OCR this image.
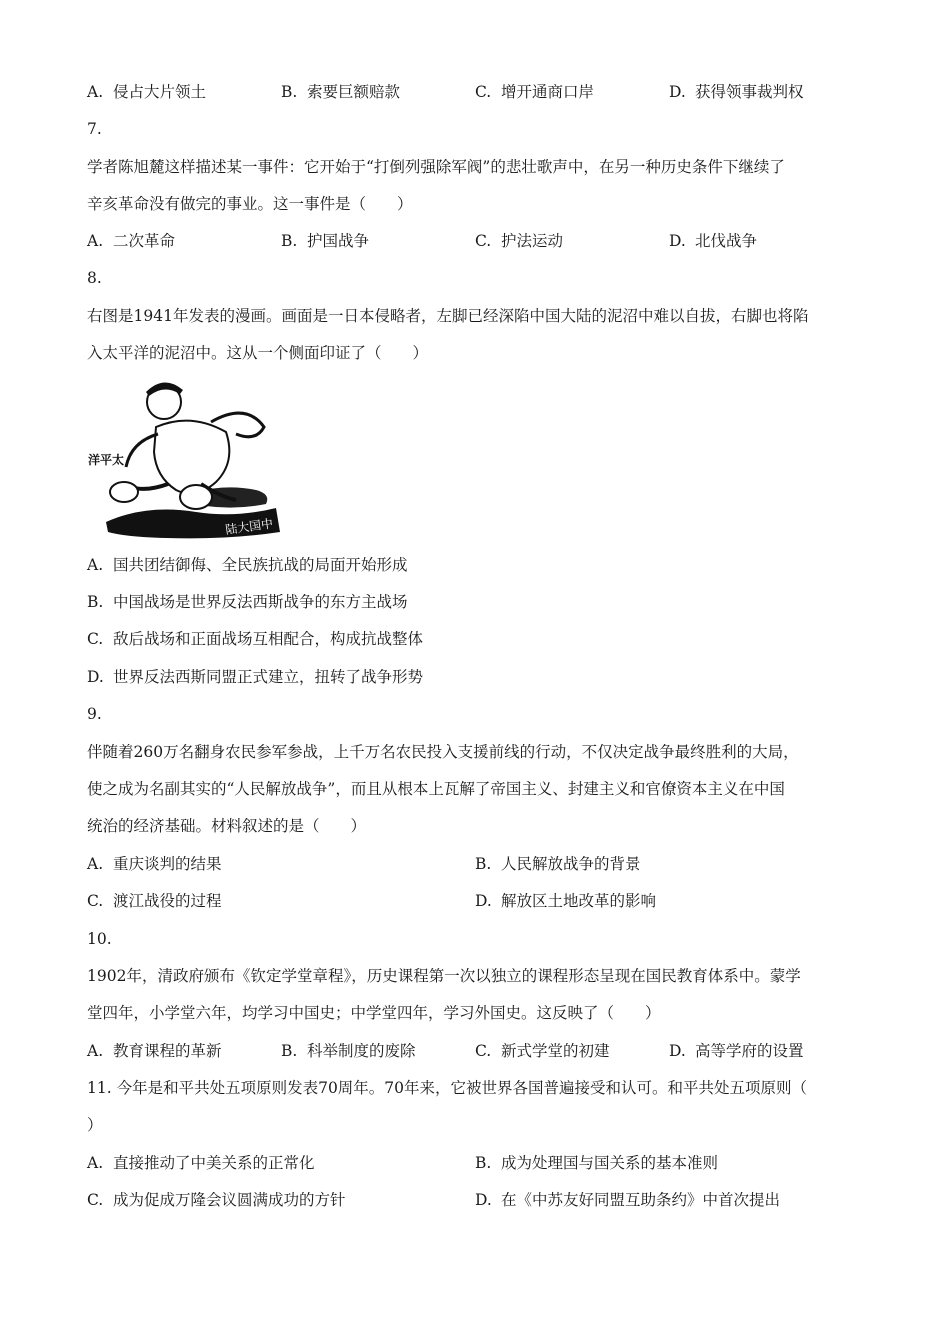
A. 侵占大片领土	B. 索要巨额赔款	C. 增开通商口岸	D. 获得领事裁判权
7.
学者陈旭麓这样描述某一事件：它开始于“打倒列强除军阀”的悲壮歌声中，在另一种历史条件下继续了
辛亥革命没有做完的事业。这一事件是（　　）
A. 二次革命	B. 护国战争	C. 护法运动	D. 北伐战争
8.
右图是1941年发表的漫画。画面是一日本侵略者，左脚已经深陷中国大陆的泥沼中难以自拔，右脚也将陷
入太平洋的泥沼中。这从一个侧面印证了（　　）
洋平太
陆大国中
A. 国共团结御侮、全民族抗战的局面开始形成
B. 中国战场是世界反法西斯战争的东方主战场
C. 敌后战场和正面战场互相配合，构成抗战整体
D. 世界反法西斯同盟正式建立，扭转了战争形势
9.
伴随着260万名翻身农民参军参战，上千万名农民投入支援前线的行动，不仅决定战争最终胜利的大局，
使之成为名副其实的“人民解放战争”，而且从根本上瓦解了帝国主义、封建主义和官僚资本主义在中国
统治的经济基础。材料叙述的是（　　）
A. 重庆谈判的结果	B. 人民解放战争的背景
C. 渡江战役的过程	D. 解放区土地改革的影响
10.
1902年，清政府颁布《钦定学堂章程》，历史课程第一次以独立的课程形态呈现在国民教育体系中。蒙学
堂四年，小学堂六年，均学习中国史；中学堂四年，学习外国史。这反映了（　　）
A. 教育课程的革新	B. 科举制度的废除	C. 新式学堂的初建	D. 高等学府的设置
11. 今年是和平共处五项原则发表70周年。70年来，它被世界各国普遍接受和认可。和平共处五项原则（
）
A. 直接推动了中美关系的正常化	B. 成为处理国与国关系的基本准则
C. 成为促成万隆会议圆满成功的方针	D. 在《中苏友好同盟互助条约》中首次提出
